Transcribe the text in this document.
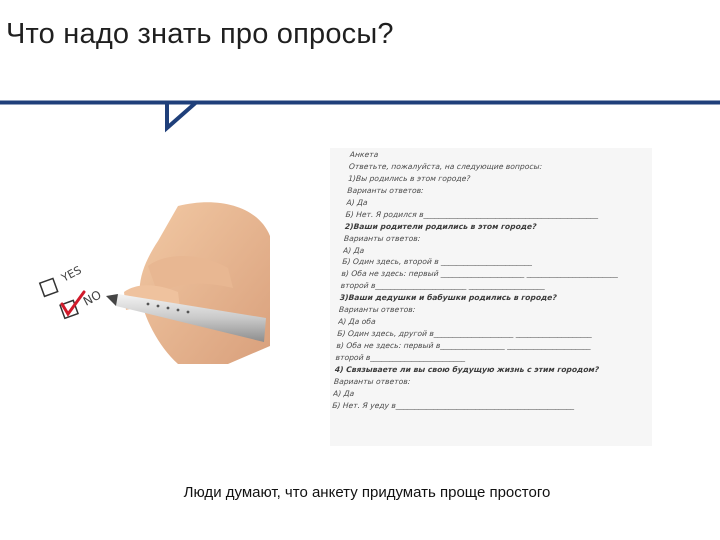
Что надо знать про опросы?
YES
NO
Анкета
Ответьте, пожалуйста, на следующие вопросы:
1)Вы родились в этом городе?
Варианты ответов:
А) Да
Б) Нет. Я родился в______________________________________________
2)Ваши родители родились в этом городе?
Варианты ответов:
А) Да
Б) Один здесь, второй в ________________________
в) Оба не здесь: первый ______________________ ________________________
второй в________________________ ____________________
3)Ваши дедушки и бабушки родились в городе?
Варианты ответов:
А) Да оба
Б) Один здесь, другой в_____________________ ____________________
в) Оба не здесь: первый в_________________ ______________________
второй в_________________________
4) Связываете ли вы свою будущую жизнь с этим городом?
Варианты ответов:
А) Да
Б) Нет. Я уеду в_______________________________________________
Люди думают, что анкету придумать проще простого
